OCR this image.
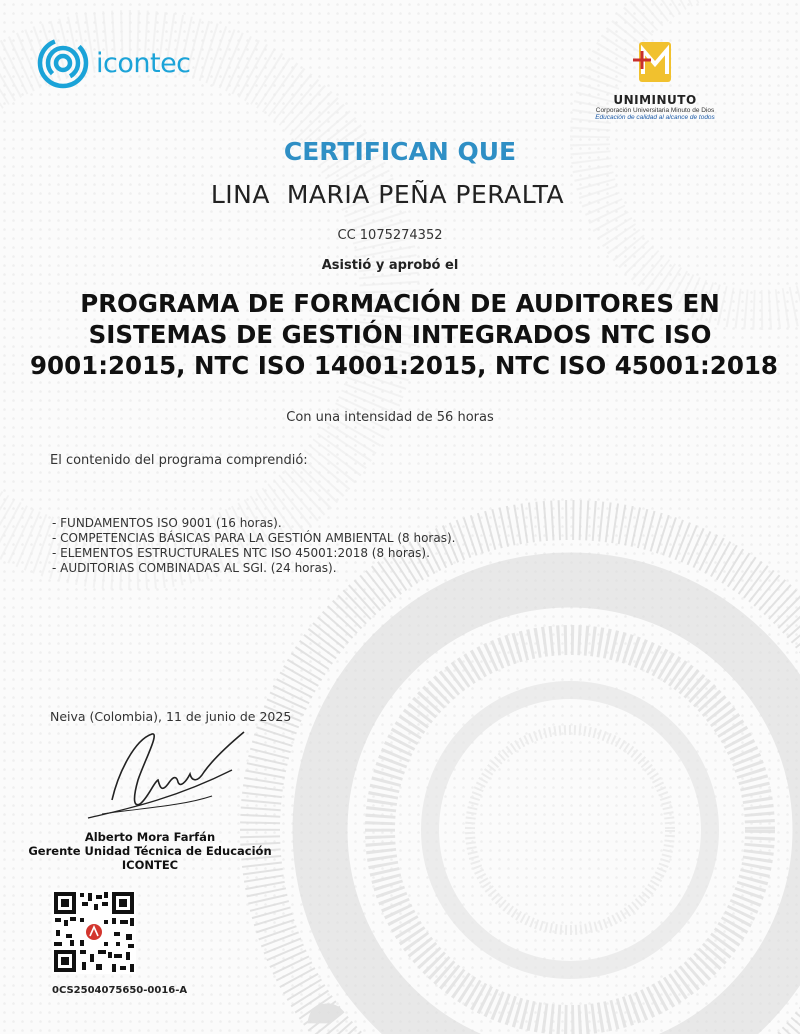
icontec
UNIMINUTO
Corporación Universitaria Minuto de Dios
Educación de calidad al alcance de todos
CERTIFICAN QUE
LINA  MARIA PEÑA PERALTA
CC 1075274352
Asistió y aprobó el
PROGRAMA DE FORMACIÓN DE AUDITORES EN
SISTEMAS DE GESTIÓN INTEGRADOS NTC ISO
9001:2015, NTC ISO 14001:2015, NTC ISO 45001:2018
Con una intensidad de 56 horas
El contenido del programa comprendió:
- FUNDAMENTOS ISO 9001 (16 horas).
- COMPETENCIAS BÁSICAS PARA LA GESTIÓN AMBIENTAL (8 horas).
- ELEMENTOS ESTRUCTURALES NTC ISO 45001:2018 (8 horas).
- AUDITORIAS COMBINADAS AL SGI. (24 horas).
Neiva (Colombia), 11 de junio de 2025
Alberto Mora Farfán
Gerente Unidad Técnica de Educación ICONTEC
0CS2504075650-0016-A
